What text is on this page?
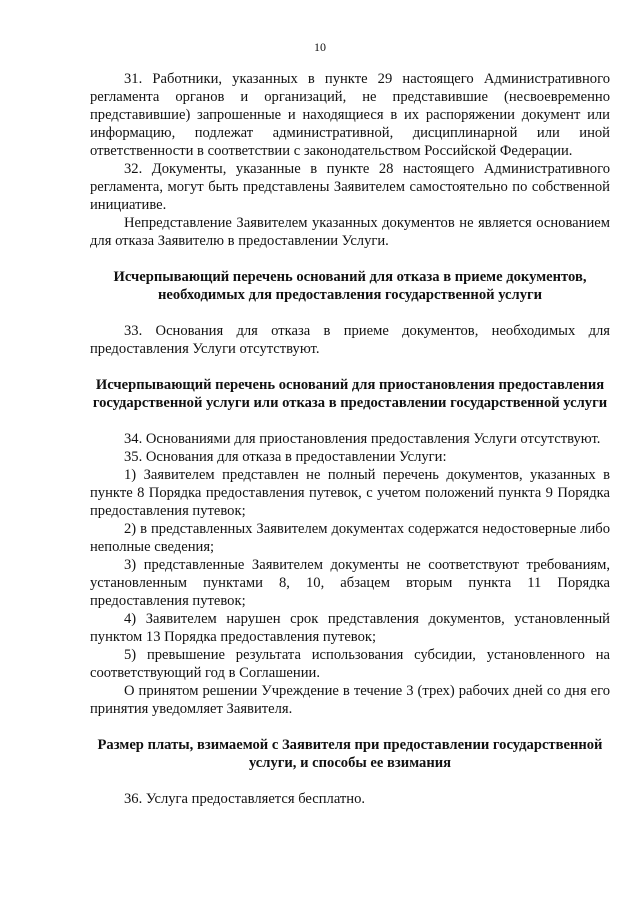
10

31. Работники, указанных в пункте 29 настоящего Административного регламента органов и организаций, не представившие (несвоевременно представившие) запрошенные и находящиеся в их распоряжении документ или информацию, подлежат административной, дисциплинарной или иной ответственности в соответствии с законодательством Российской Федерации.

32. Документы, указанные в пункте 28 настоящего Административного регламента, могут быть представлены Заявителем самостоятельно по собственной инициативе.

Непредставление Заявителем указанных документов не является основанием для отказа Заявителю в предоставлении Услуги.

Исчерпывающий перечень оснований для отказа в приеме документов, необходимых для предоставления государственной услуги

33. Основания для отказа в приеме документов, необходимых для предоставления Услуги отсутствуют.

Исчерпывающий перечень оснований для приостановления предоставления государственной услуги или отказа в предоставлении государственной услуги

34. Основаниями для приостановления предоставления Услуги отсутствуют.

35. Основания для отказа в предоставлении Услуги:

1) Заявителем представлен не полный перечень документов, указанных в пункте 8 Порядка предоставления путевок, с учетом положений пункта 9 Порядка предоставления путевок;

2) в представленных Заявителем документах содержатся недостоверные либо неполные сведения;

3) представленные Заявителем документы не соответствуют требованиям, установленным пунктами 8, 10, абзацем вторым пункта 11 Порядка предоставления путевок;

4) Заявителем нарушен срок представления документов, установленный пунктом 13 Порядка предоставления путевок;

5) превышение результата использования субсидии, установленного на соответствующий год в Соглашении.

О принятом решении Учреждение в течение 3 (трех) рабочих дней со дня его принятия уведомляет Заявителя.

Размер платы, взимаемой с Заявителя при предоставлении государственной услуги, и способы ее взимания

36. Услуга предоставляется бесплатно.
